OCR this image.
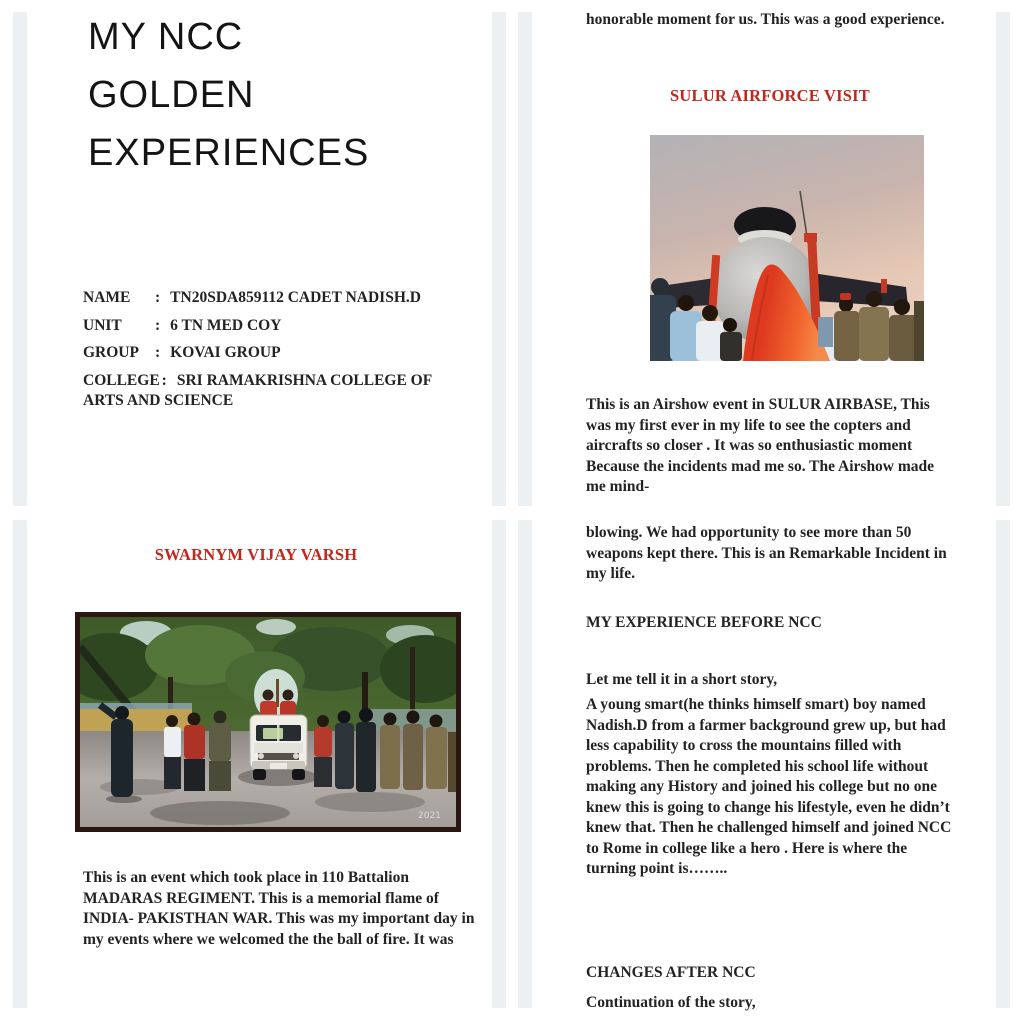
MY NCC
GOLDEN
EXPERIENCES

NAME : TN20SDA859112 CADET NADISH.D

UNIT : 6 TN MED COY

GROUP : KOVAI GROUP

COLLEGE : SRI RAMAKRISHNA COLLEGE OF ARTS AND SCIENCE

honorable moment for us. This was a good experience.
SULUR AIRFORCE VISIT
This is an Airshow event in SULUR AIRBASE, This was my first ever in my life to see the copters and aircrafts so closer . It was so enthusiastic moment Because the incidents mad me so. The Airshow made me mind-
SWARNYM VIJAY VARSH
2021
This is an event which took place in 110 Battalion MADARAS REGIMENT. This is a memorial flame of INDIA- PAKISTHAN WAR. This was my important day in my events where we welcomed the the ball of fire. It was
blowing. We had opportunity to see more than 50 weapons kept there. This is an Remarkable Incident in my life.
MY EXPERIENCE BEFORE NCC
Let me tell it in a short story,
A young smart(he thinks himself smart) boy named Nadish.D from a farmer background grew up, but had less capability to cross the mountains filled with problems. Then he completed his school life without making any History and joined his college but no one knew this is going to change his lifestyle, even he didn’t knew that. Then he challenged himself and joined NCC to Rome in college like a hero . Here is where the turning point is……..
CHANGES AFTER NCC
Continuation of the story,
